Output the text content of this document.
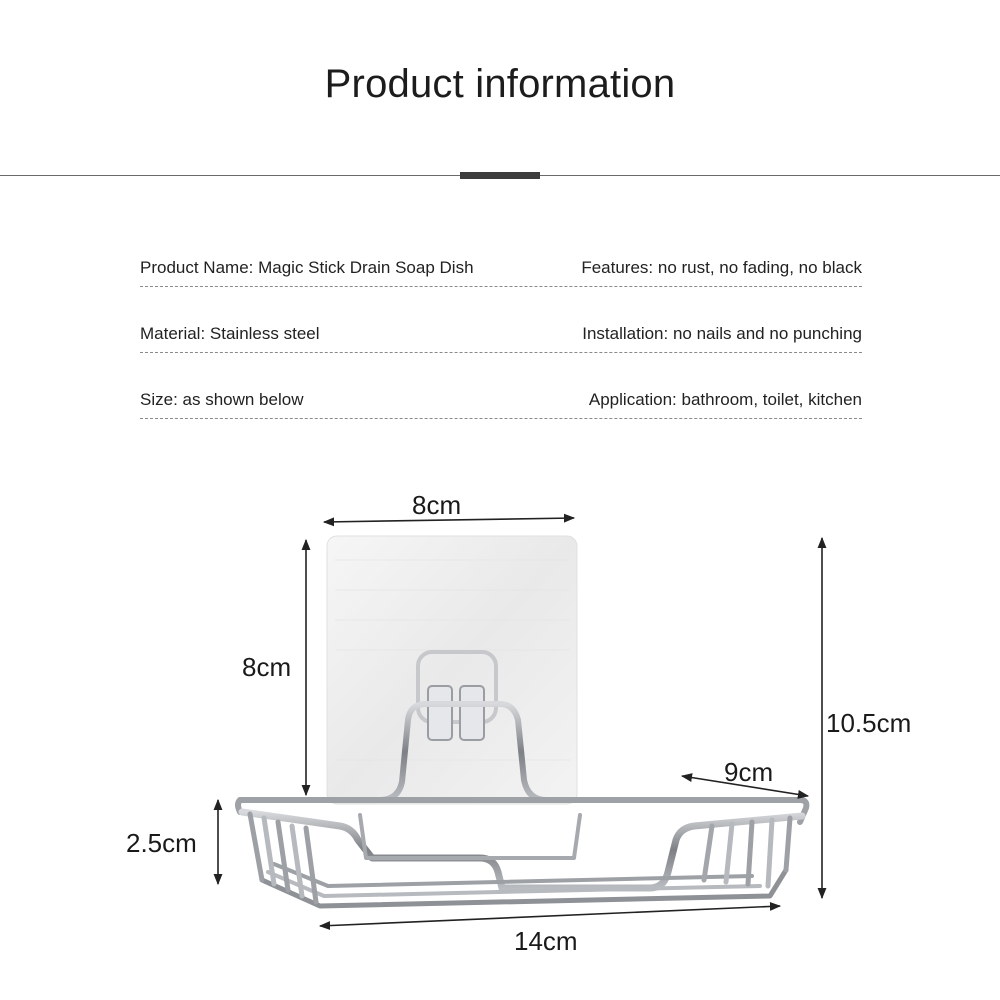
Product information
Product Name: Magic Stick Drain Soap Dish	Features: no rust, no fading, no black
Material: Stainless steel	Installation: no nails and no punching
Size: as shown below	Application: bathroom, toilet, kitchen
8cm
8cm
10.5cm
9cm
2.5cm
14cm
